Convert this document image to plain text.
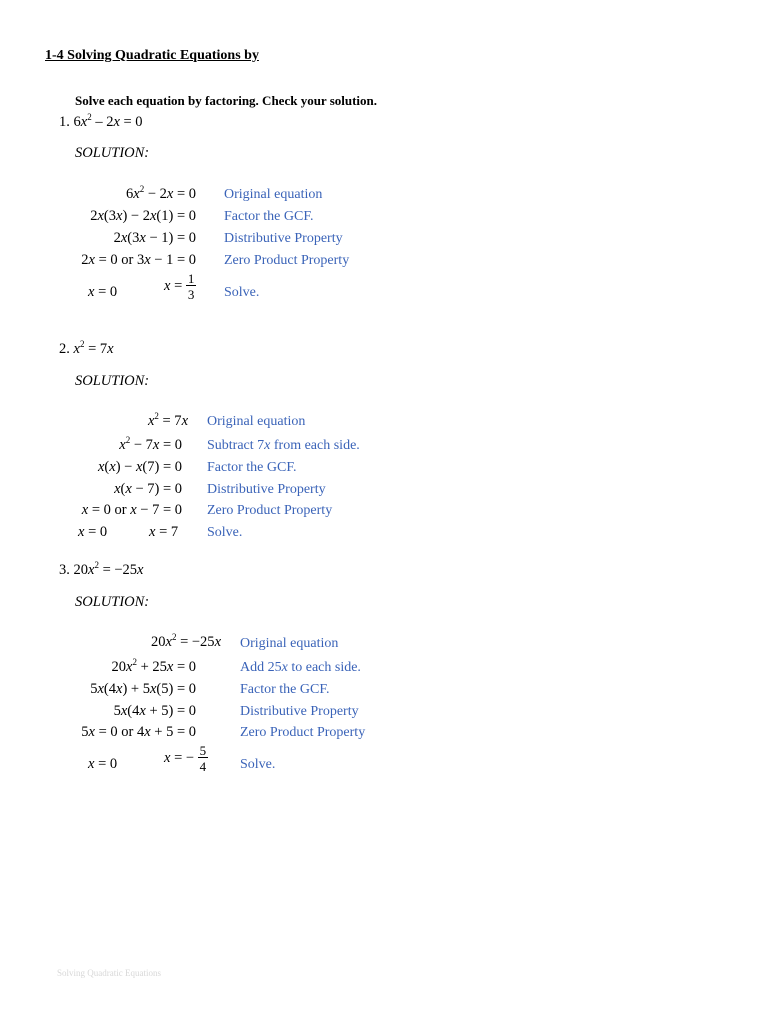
1-4 Solving Quadratic Equations by
Solve each equation by factoring. Check your solution.
1. $6x^2 - 2x = 0$
SOLUTION:
$6x^2 - 2x = 0$ Original equation
2x(3x) − 2x(1) = 0 Factor the GCF.
2x(3x − 1) = 0 Distributive Property
2x = 0 or 3x − 1 = 0 Zero Product Property
x = 0	$x = \frac{1}{3}$ Solve.
2. $x^2 = 7x$
SOLUTION:
$x^2 = 7x$ Original equation
$x^2 - 7x = 0$ Subtract 7x from each side.
x(x) − x(7) = 0 Factor the GCF.
x(x − 7) = 0 Distributive Property
x = 0 or x − 7 = 0 Zero Product Property
x = 0	x = 7 Solve.
3. $20x^2 = -25x$
SOLUTION:
$20x^2 = -25x$ Original equation
$20x^2 + 25x = 0$	Add 25x to each side.
5x(4x) + 5x(5) = 0	Factor the GCF.
5x(4x + 5) = 0	Distributive Property
5x = 0 or 4x + 5 = 0	Zero Product Property
x = 0	x = − $\frac{5}{4}$ Solve.
Solving Quadratic Equations
